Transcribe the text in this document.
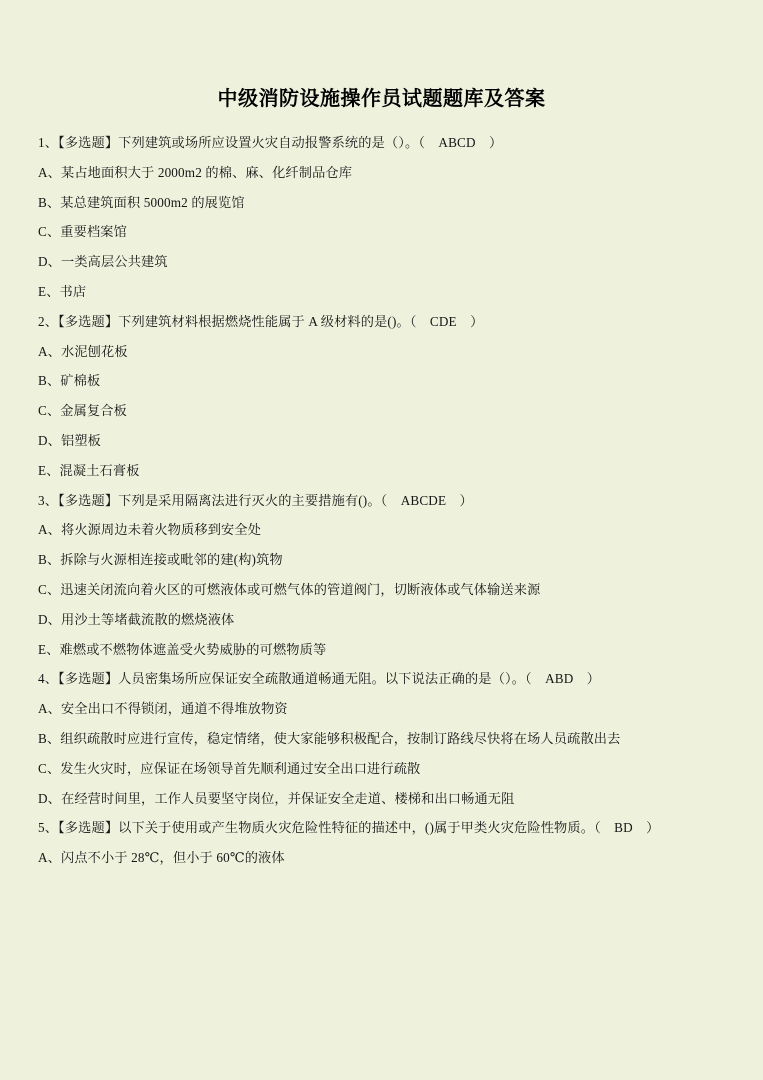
中级消防设施操作员试题题库及答案

1、【多选题】下列建筑或场所应设置火灾自动报警系统的是（）。（　ABCD　）

A、某占地面积大于 2000m2 的棉、麻、化纤制品仓库

B、某总建筑面积 5000m2 的展览馆

C、重要档案馆

D、一类高层公共建筑

E、书店

2、【多选题】下列建筑材料根据燃烧性能属于 A 级材料的是()。（　CDE　）

A、水泥刨花板

B、矿棉板

C、金属复合板

D、铝塑板

E、混凝土石膏板

3、【多选题】下列是采用隔离法进行灭火的主要措施有()。（　ABCDE　）

A、将火源周边未着火物质移到安全处

B、拆除与火源相连接或毗邻的建(构)筑物

C、迅速关闭流向着火区的可燃液体或可燃气体的管道阀门，切断液体或气体输送来源

D、用沙土等堵截流散的燃烧液体

E、难燃或不燃物体遮盖受火势威胁的可燃物质等

4、【多选题】人员密集场所应保证安全疏散通道畅通无阻。以下说法正确的是（）。（　ABD　）

A、安全出口不得锁闭，通道不得堆放物资

B、组织疏散时应进行宣传，稳定情绪，使大家能够积极配合，按制订路线尽快将在场人员疏散出去

C、发生火灾时，应保证在场领导首先顺利通过安全出口进行疏散

D、在经营时间里，工作人员要坚守岗位，并保证安全走道、楼梯和出口畅通无阻

5、【多选题】以下关于使用或产生物质火灾危险性特征的描述中，()属于甲类火灾危险性物质。（　BD　）

A、闪点不小于 28℃，但小于 60℃的液体
